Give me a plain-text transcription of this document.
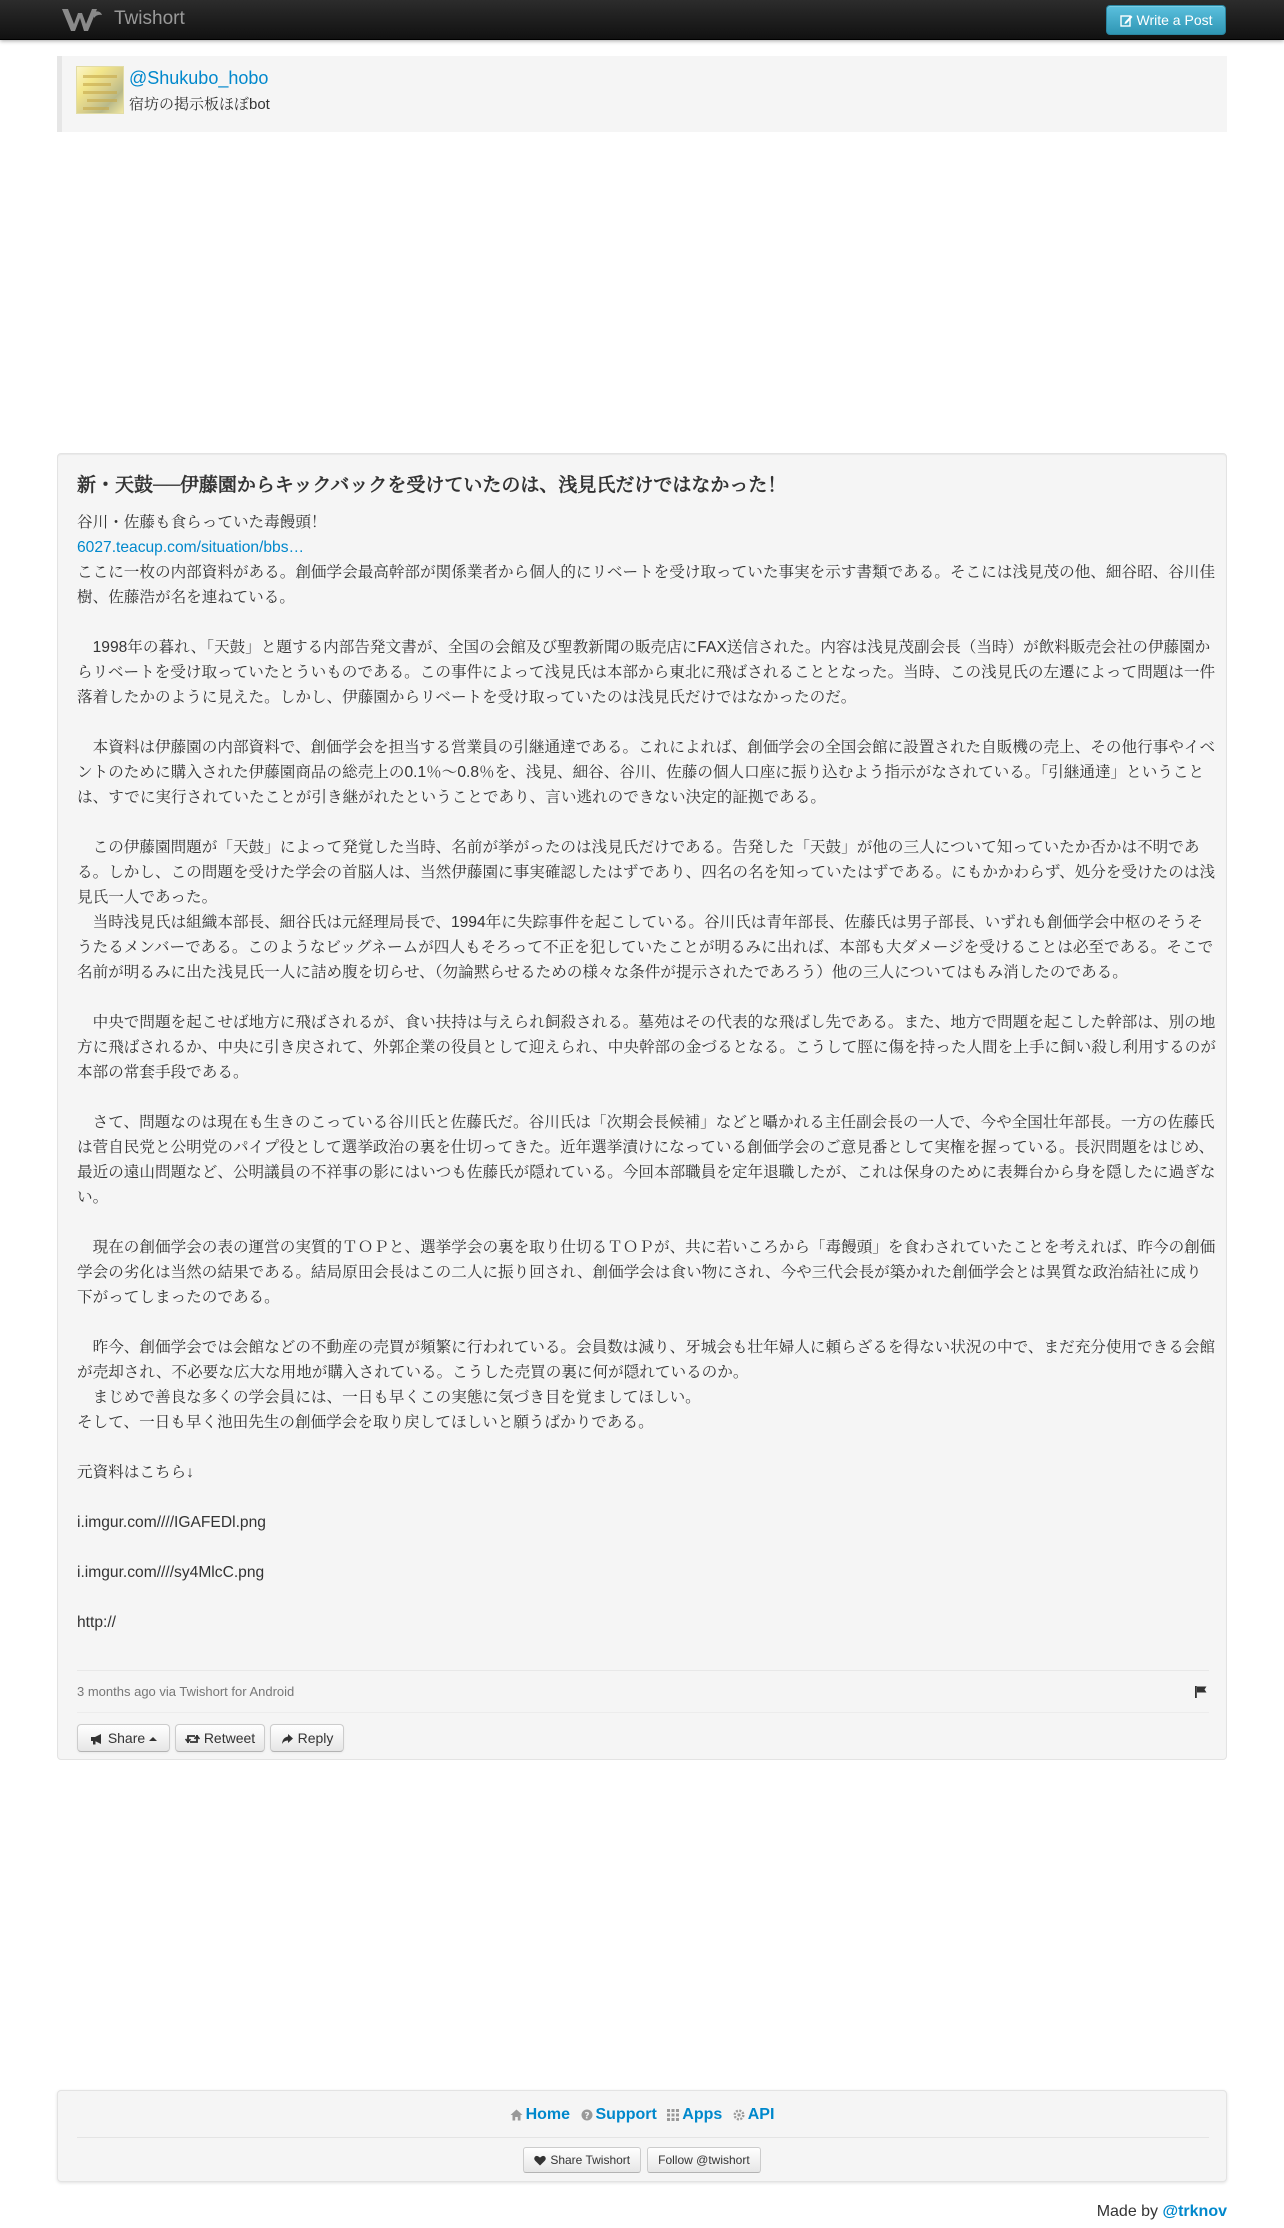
Twishort	Write a Post
@Shukubo_hobo
宿坊の掲示板ほぼbot
新・天鼓──伊藤園からキックバックを受けていたのは、浅見氏だけではなかった！

谷川・佐藤も食らっていた毒饅頭！

6027.teacup.com/situation/bbs…

ここに一枚の内部資料がある。創価学会最高幹部が関係業者から個人的にリベートを受け取っていた事実を示す書類である。そこには浅見茂の他、細谷昭、谷川佳樹、佐藤浩が名を連ねている。

　1998年の暮れ、「天鼓」と題する内部告発文書が、全国の会館及び聖教新聞の販売店にFAX送信された。内容は浅見茂副会長（当時）が飲料販売会社の伊藤園からリベートを受け取っていたとういものである。この事件によって浅見氏は本部から東北に飛ばされることとなった。当時、この浅見氏の左遷によって問題は一件落着したかのように見えた。しかし、伊藤園からリベートを受け取っていたのは浅見氏だけではなかったのだ。

　本資料は伊藤園の内部資料で、創価学会を担当する営業員の引継通達である。これによれば、創価学会の全国会館に設置された自販機の売上、その他行事やイベントのために購入された伊藤園商品の総売上の0.1％～0.8％を、浅見、細谷、谷川、佐藤の個人口座に振り込むよう指示がなされている。「引継通達」ということは、すでに実行されていたことが引き継がれたということであり、言い逃れのできない決定的証拠である。

　この伊藤園問題が「天鼓」によって発覚した当時、名前が挙がったのは浅見氏だけである。告発した「天鼓」が他の三人について知っていたか否かは不明である。しかし、この問題を受けた学会の首脳人は、当然伊藤園に事実確認したはずであり、四名の名を知っていたはずである。にもかかわらず、処分を受けたのは浅見氏一人であった。

　当時浅見氏は組織本部長、細谷氏は元経理局長で、1994年に失踪事件を起こしている。谷川氏は青年部長、佐藤氏は男子部長、いずれも創価学会中枢のそうそうたるメンバーである。このようなビッグネームが四人もそろって不正を犯していたことが明るみに出れば、本部も大ダメージを受けることは必至である。そこで名前が明るみに出た浅見氏一人に詰め腹を切らせ、（勿論黙らせるための様々な条件が提示されたであろう）他の三人についてはもみ消したのである。

　中央で問題を起こせば地方に飛ばされるが、食い扶持は与えられ飼殺される。墓苑はその代表的な飛ばし先である。また、地方で問題を起こした幹部は、別の地方に飛ばされるか、中央に引き戻されて、外郭企業の役員として迎えられ、中央幹部の金づるとなる。こうして脛に傷を持った人間を上手に飼い殺し利用するのが本部の常套手段である。

　さて、問題なのは現在も生きのこっている谷川氏と佐藤氏だ。谷川氏は「次期会長候補」などと囁かれる主任副会長の一人で、今や全国壮年部長。一方の佐藤氏は菅自民党と公明党のパイプ役として選挙政治の裏を仕切ってきた。近年選挙漬けになっている創価学会のご意見番として実権を握っている。長沢問題をはじめ、最近の遠山問題など、公明議員の不祥事の影にはいつも佐藤氏が隠れている。今回本部職員を定年退職したが、これは保身のために表舞台から身を隠したに過ぎない。

　現在の創価学会の表の運営の実質的ＴＯＰと、選挙学会の裏を取り仕切るＴＯＰが、共に若いころから「毒饅頭」を食わされていたことを考えれば、昨今の創価学会の劣化は当然の結果である。結局原田会長はこの二人に振り回され、創価学会は食い物にされ、今や三代会長が築かれた創価学会とは異質な政治結社に成り下がってしまったのである。

　昨今、創価学会では会館などの不動産の売買が頻繁に行われている。会員数は減り、牙城会も壮年婦人に頼らざるを得ない状況の中で、まだ充分使用できる会館が売却され、不必要な広大な用地が購入されている。こうした売買の裏に何が隠れているのか。

　まじめで善良な多くの学会員には、一日も早くこの実態に気づき目を覚ましてほしい。

そして、一日も早く池田先生の創価学会を取り戻してほしいと願うばかりである。

元資料はこちら↓

i.imgur.com////IGAFEDl.png

i.imgur.com////sy4MlcC.png

http://

3 months ago via Twishort for Android
Share	Retweet	Reply
Home ? Support Apps API
Share Twishort Follow @twishort
Made by @trknov
